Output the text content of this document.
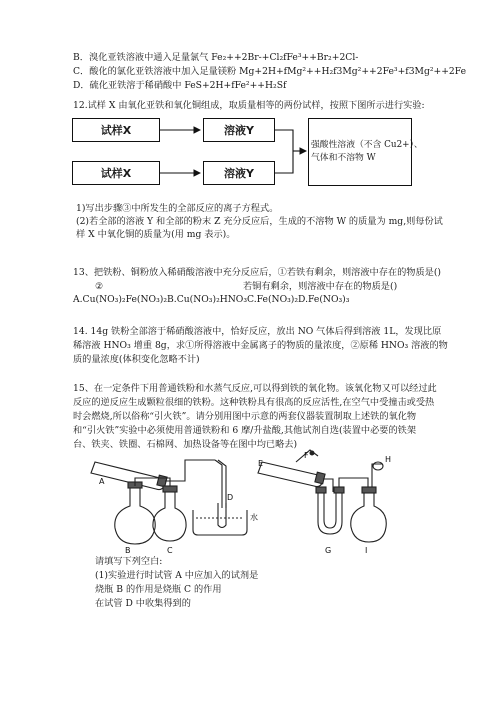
B．溴化亚铁溶液中通入足量氯气 Fe₂++2Br-+Cl₂fFe³++Br₂+2Cl-
C．酸化的氯化亚铁溶液中加入足量镁粉 Mg+2H+fMg²++H₂f3Mg²++2Fe³+f3Mg²++2Fe
D．硫化亚铁溶于稀硝酸中 FeS+2H+fFe²++H₂Sf
12.试样 X 由氧化亚铁和氧化铜组成，取质量相等的两份试样，按照下图所示进行实验:
试样X	溶液Y
试样X	溶液Y
强酸性溶液（不含 Cu2+）、
气体和不溶物 W
1)写出步骤③中所发生的全部反应的离子方程式。
(2)若全部的溶液 Y 和全部的粉末 Z 充分反应后，生成的不溶物 W 的质量为 mg,则每份试
样 X 中氧化铜的质量为(用 mg 表示)。
13、把铁粉、铜粉放入稀硝酸溶液中充分反应后，①若铁有剩余，则溶液中存在的物质是()
②	若铜有剩余，则溶液中存在的物质是()
A.Cu(NO₃)₂Fe(NO₃)₂B.Cu(NO₃)₂HNO₃C.Fe(NO₃)₂D.Fe(NO₃)₃
14. 14g 铁粉全部溶于稀硝酸溶液中，恰好反应，放出 NO 气体后得到溶液 1L，发现比原
稀溶液 HNO₃ 增重 8g，求①所得溶液中金属离子的物质的量浓度，②原稀 HNO₃ 溶液的物
质的量浓度(体积变化忽略不计)
15、在一定条件下用普通铁粉和水蒸气反应,可以得到铁的氧化物。该氧化物又可以经过此
反应的逆反应生成颗粒很细的铁粉。这种铁粉具有很高的反应活性,在空气中受撞击或受热
时会燃烧,所以俗称“引火铁”。请分别用图中示意的两套仪器装置制取上述铁的氧化物
和“引火铁”实验中必须使用普通铁粉和 6 摩/升盐酸,其他试剂自选(装置中必要的铁架
台、铁夹、铁圈、石棉网、加热设备等在图中均已略去)
A
B	C
D
水
E
F
G
H
I
请填写下列空白:
(1)实验进行时试管 A 中应加入的试剂是
烧瓶 B 的作用是烧瓶 C 的作用
在试管 D 中收集得到的
